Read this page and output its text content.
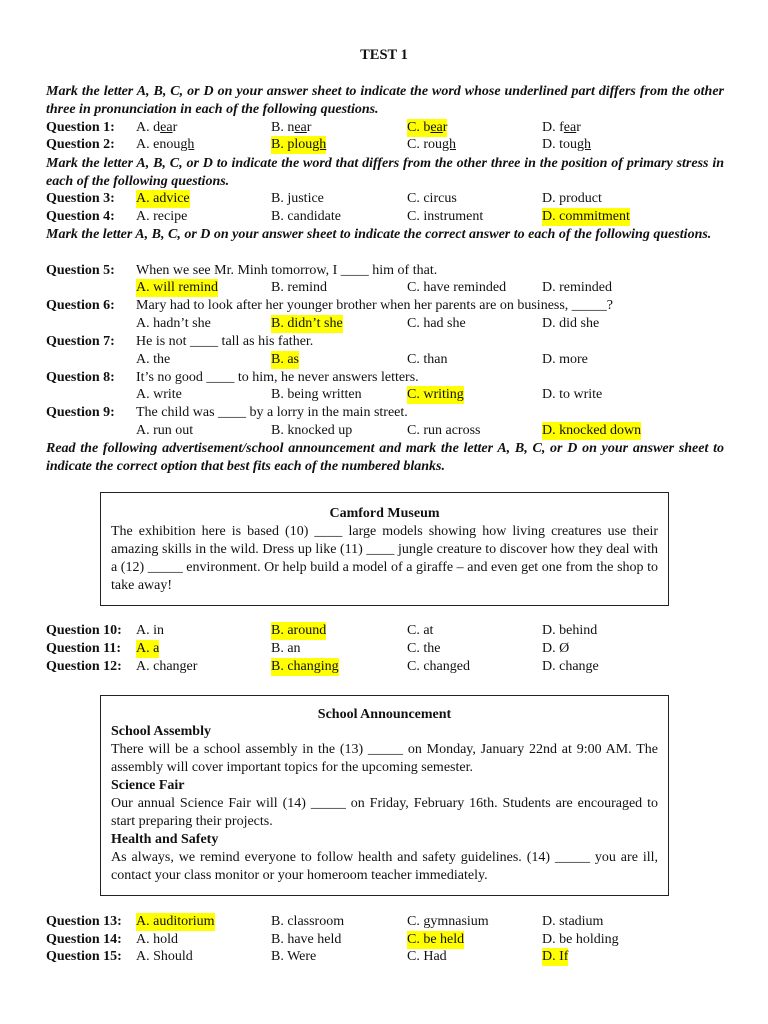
TEST 1
Mark the letter A, B, C, or D on your answer sheet to indicate the word whose underlined part differs from the other three in pronunciation in each of the following questions.
Question 1: A. dear	B. near	C. bear	D. fear
Question 2: A. enough	B. plough	C. rough	D. tough
Mark the letter A, B, C, or D to indicate the word that differs from the other three in the position of primary stress in each of the following questions.
Question 3: A. advice	B. justice	C. circus	D. product
Question 4: A. recipe	B. candidate	C. instrument	D. commitment
Mark the letter A, B, C, or D on your answer sheet to indicate the correct answer to each of the following questions.
Question 5: When we see Mr. Minh tomorrow, I ____ him of that.
A. will remind	B. remind	C. have reminded	D. reminded
Question 6: Mary had to look after her younger brother when her parents are on business, _____?
A. hadn’t she	B. didn’t she	C. had she	D. did she
Question 7: He is not ____ tall as his father.
A. the	B. as	C. than	D. more
Question 8: It’s no good ____ to him, he never answers letters.
A. write	B. being written	C. writing	D. to write
Question 9: The child was ____ by a lorry in the main street.
A. run out	B. knocked up	C. run across	D. knocked down
Read the following advertisement/school announcement and mark the letter A, B, C, or D on your answer sheet to indicate the correct option that best fits each of the numbered blanks.
Camford Museum
The exhibition here is based (10) ____ large models showing how living creatures use their amazing skills in the wild. Dress up like (11) ____ jungle creature to discover how they deal with a (12) _____ environment. Or help build a model of a giraffe – and even get one from the shop to take away!
Question 10: A. in	B. around	C. at	D. behind
Question 11: A. a	B. an	C. the	D. Ø
Question 12: A. changer	B. changing	C. changed	D. change
School Announcement
School Assembly
There will be a school assembly in the (13) _____ on Monday, January 22nd at 9:00 AM. The assembly will cover important topics for the upcoming semester.
Science Fair
Our annual Science Fair will (14) _____ on Friday, February 16th. Students are encouraged to start preparing their projects.
Health and Safety
As always, we remind everyone to follow health and safety guidelines. (14) _____ you are ill, contact your class monitor or your homeroom teacher immediately.
Question 13: A. auditorium	B. classroom	C. gymnasium	D. stadium
Question 14: A. hold	B. have held	C. be held	D. be holding
Question 15: A. Should	B. Were	C. Had	D. If
